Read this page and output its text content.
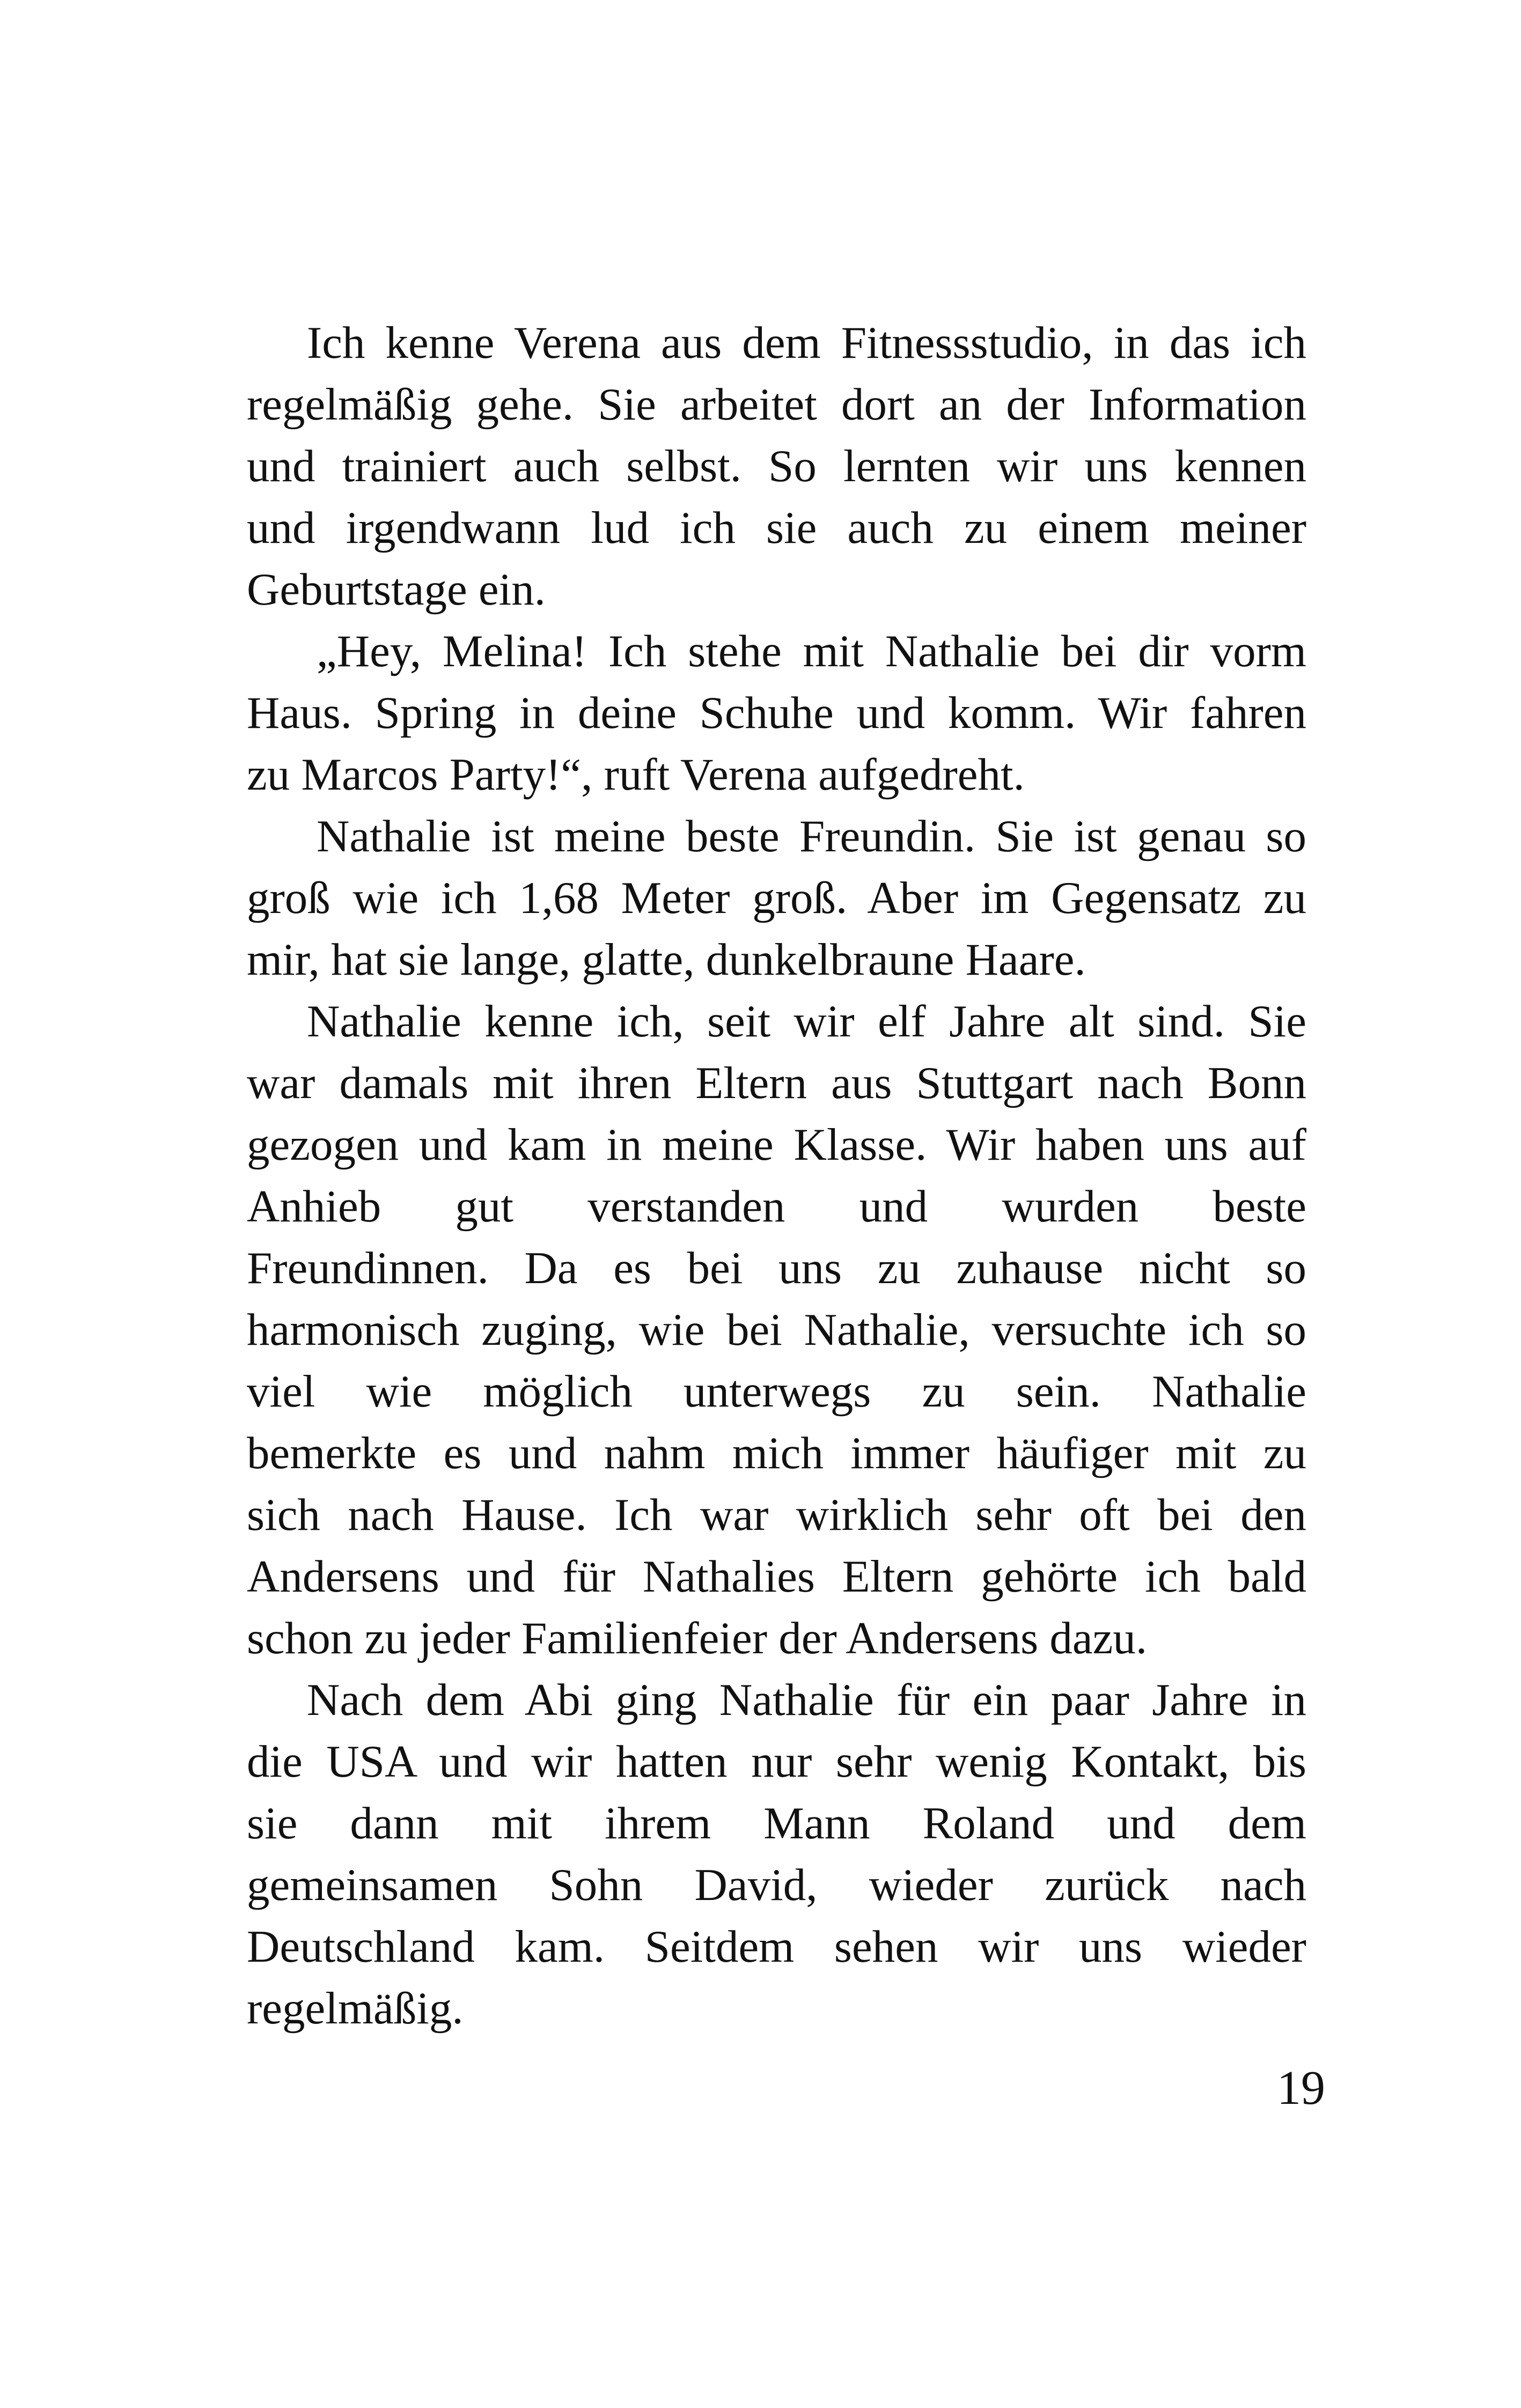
Ich kenne Verena aus dem Fitnessstudio, in das ich
regelmäßig gehe. Sie arbeitet dort an der Information
und trainiert auch selbst. So lernten wir uns kennen
und irgendwann lud ich sie auch zu einem meiner
Geburtstage ein.
„Hey, Melina! Ich stehe mit Nathalie bei dir vorm
Haus. Spring in deine Schuhe und komm. Wir fahren
zu Marcos Party!“, ruft Verena aufgedreht.
Nathalie ist meine beste Freundin. Sie ist genau so
groß wie ich 1,68 Meter groß. Aber im Gegensatz zu
mir, hat sie lange, glatte, dunkelbraune Haare.
Nathalie kenne ich, seit wir elf Jahre alt sind. Sie
war damals mit ihren Eltern aus Stuttgart nach Bonn
gezogen und kam in meine Klasse. Wir haben uns auf
Anhieb gut verstanden und wurden beste
Freundinnen. Da es bei uns zu zuhause nicht so
harmonisch zuging, wie bei Nathalie, versuchte ich so
viel wie möglich unterwegs zu sein. Nathalie
bemerkte es und nahm mich immer häufiger mit zu
sich nach Hause. Ich war wirklich sehr oft bei den
Andersens und für Nathalies Eltern gehörte ich bald
schon zu jeder Familienfeier der Andersens dazu.
Nach dem Abi ging Nathalie für ein paar Jahre in
die USA und wir hatten nur sehr wenig Kontakt, bis
sie dann mit ihrem Mann Roland und dem
gemeinsamen Sohn David, wieder zurück nach
Deutschland kam. Seitdem sehen wir uns wieder
regelmäßig.
19
